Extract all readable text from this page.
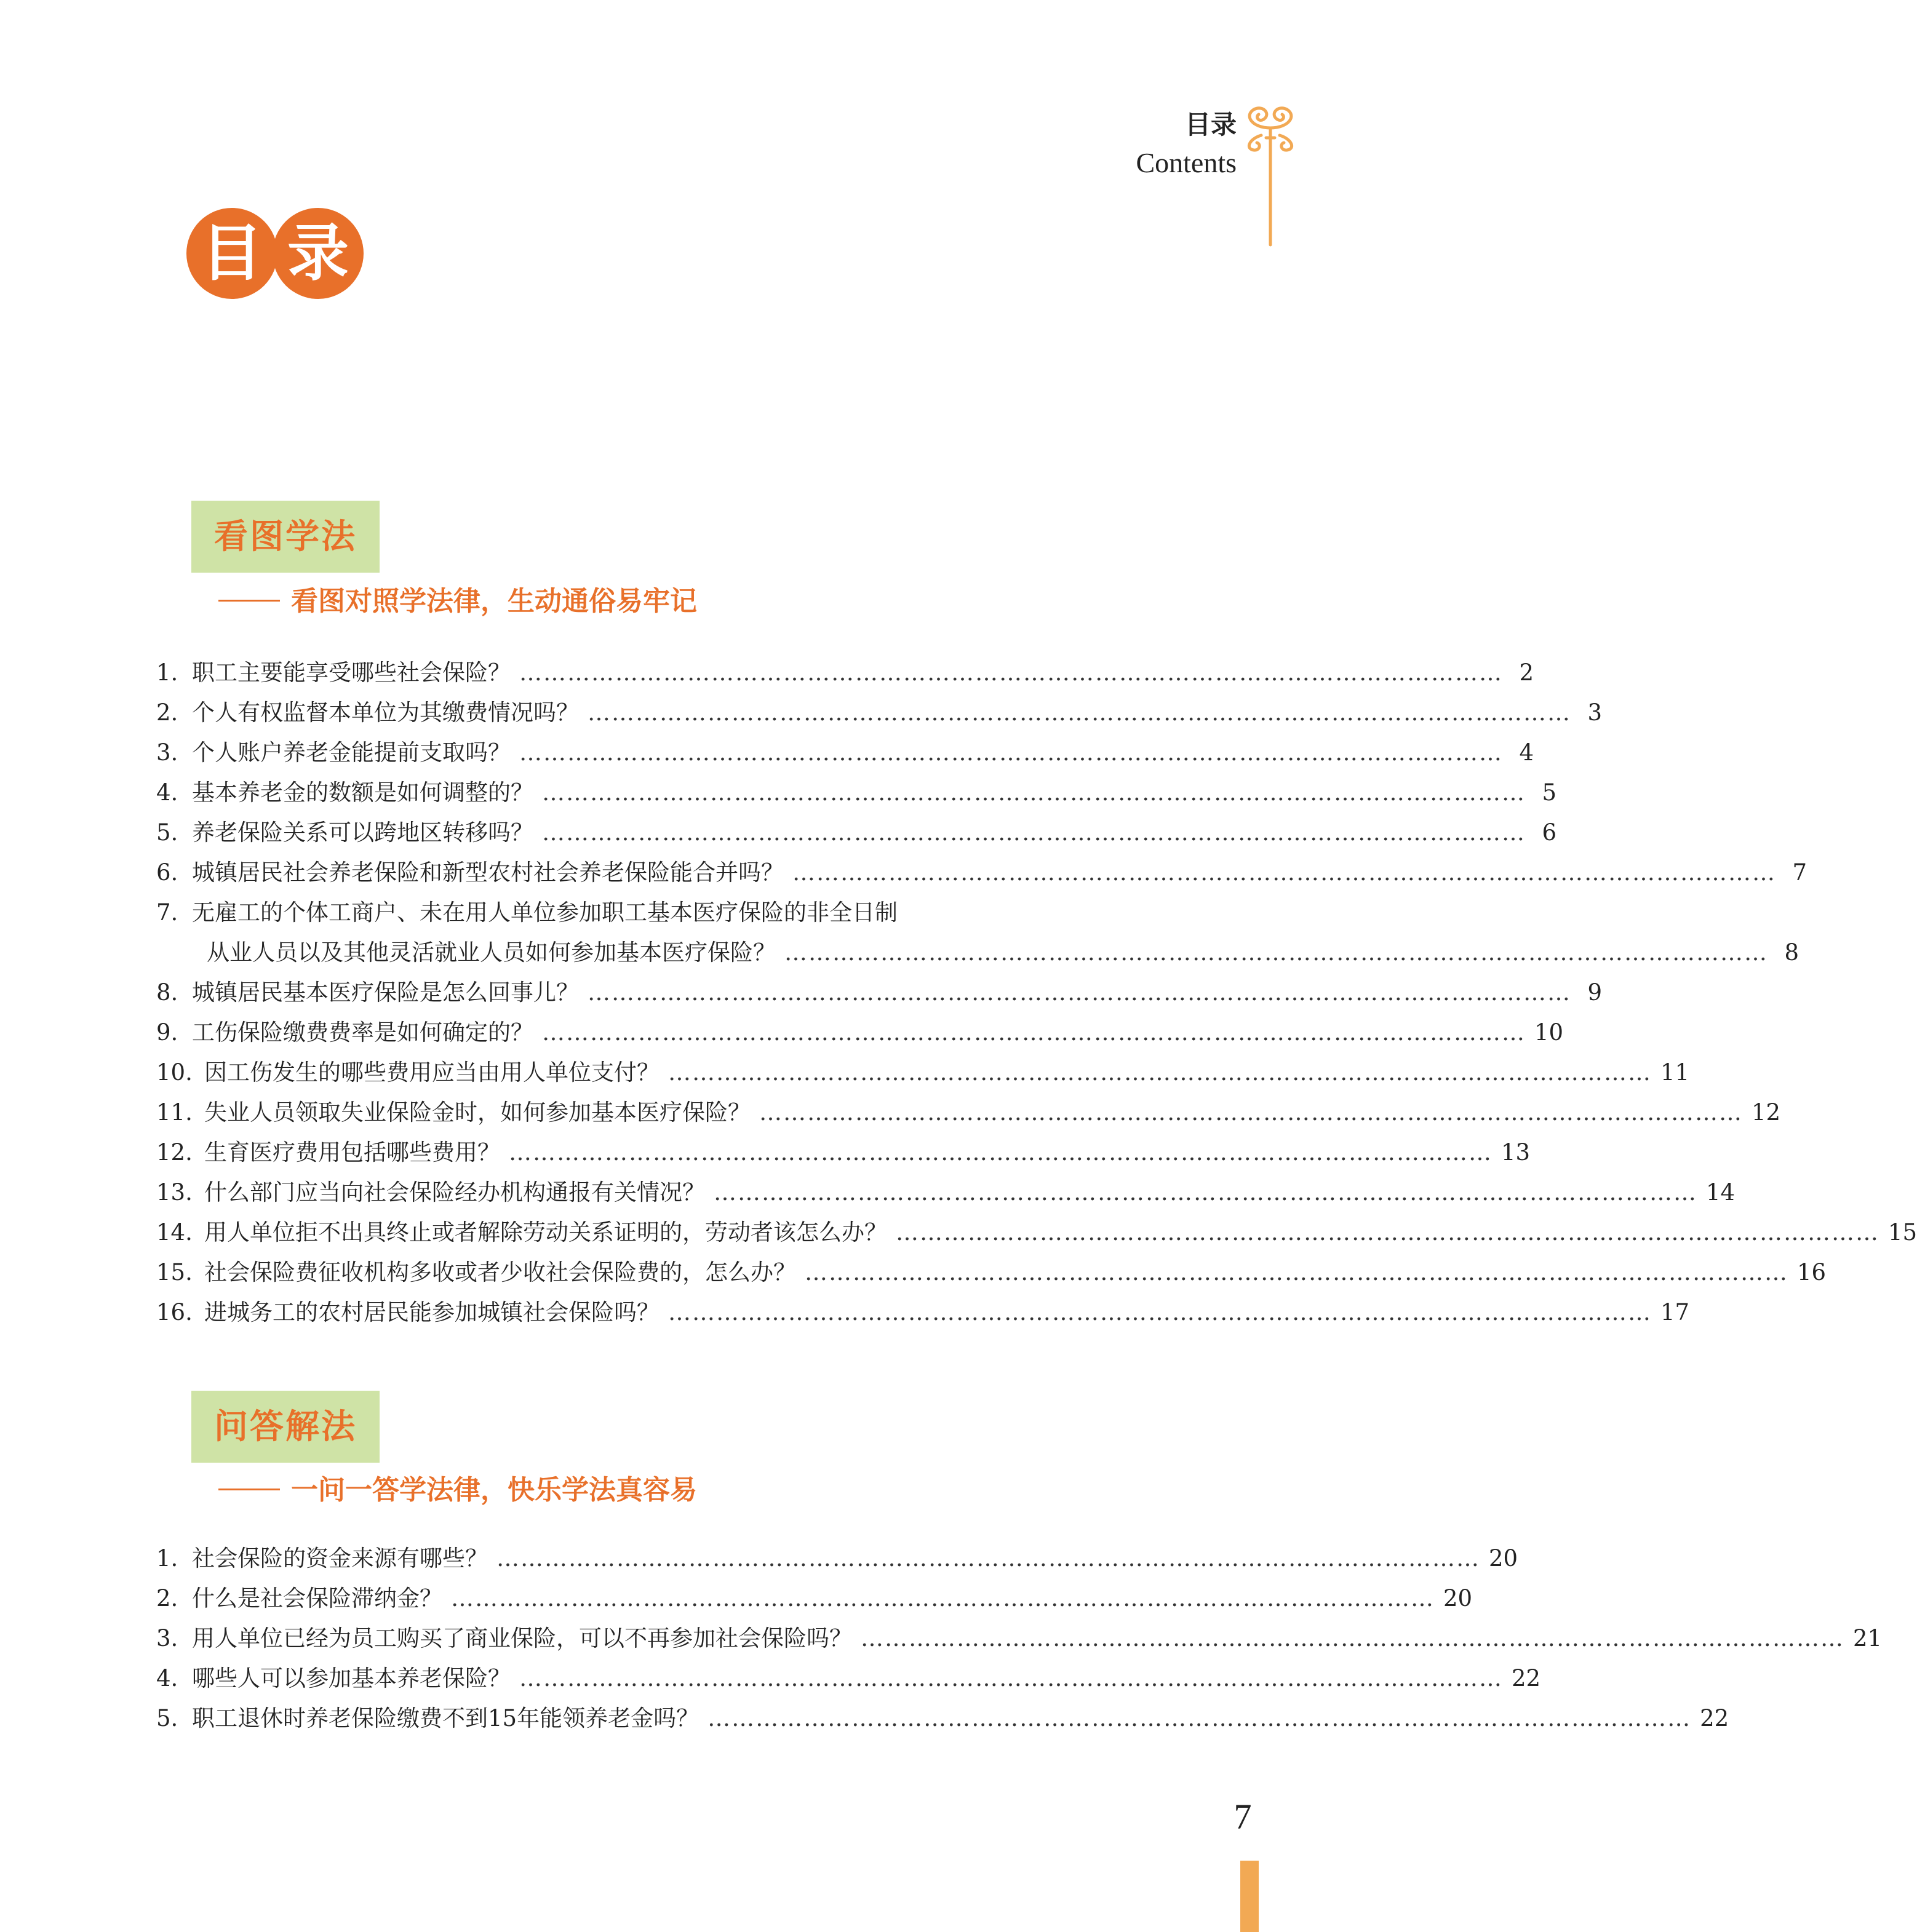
目录
Contents
目 录
看图学法
看图对照学法律，生动通俗易牢记
1. 职工主要能享受哪些社会保险？ …………………………………………………………………………………………………………… 2
2. 个人有权监督本单位为其缴费情况吗？ …………………………………………………………………………………………………………… 3
3. 个人账户养老金能提前支取吗？ …………………………………………………………………………………………………………… 4
4. 基本养老金的数额是如何调整的？ …………………………………………………………………………………………………………… 5
5. 养老保险关系可以跨地区转移吗？ …………………………………………………………………………………………………………… 6
6. 城镇居民社会养老保险和新型农村社会养老保险能合并吗？ …………………………………………………………………………………………………………… 7
7. 无雇工的个体工商户、未在用人单位参加职工基本医疗保险的非全日制
从业人员以及其他灵活就业人员如何参加基本医疗保险？ …………………………………………………………………………………………………………… 8
8. 城镇居民基本医疗保险是怎么回事儿？ …………………………………………………………………………………………………………… 9
9. 工伤保险缴费费率是如何确定的？ …………………………………………………………………………………………………………… 10
10. 因工伤发生的哪些费用应当由用人单位支付？ …………………………………………………………………………………………………………… 11
11. 失业人员领取失业保险金时，如何参加基本医疗保险？ …………………………………………………………………………………………………………… 12
12. 生育医疗费用包括哪些费用？ …………………………………………………………………………………………………………… 13
13. 什么部门应当向社会保险经办机构通报有关情况？ …………………………………………………………………………………………………………… 14
14. 用人单位拒不出具终止或者解除劳动关系证明的，劳动者该怎么办？ …………………………………………………………………………………………………………… 15
15. 社会保险费征收机构多收或者少收社会保险费的，怎么办？ …………………………………………………………………………………………………………… 16
16. 进城务工的农村居民能参加城镇社会保险吗？ …………………………………………………………………………………………………………… 17
问答解法
一问一答学法律，快乐学法真容易
1. 社会保险的资金来源有哪些？ …………………………………………………………………………………………………………… 20
2. 什么是社会保险滞纳金？ …………………………………………………………………………………………………………… 20
3. 用人单位已经为员工购买了商业保险，可以不再参加社会保险吗？ …………………………………………………………………………………………………………… 21
4. 哪些人可以参加基本养老保险？ …………………………………………………………………………………………………………… 22
5. 职工退休时养老保险缴费不到15年能领养老金吗？ …………………………………………………………………………………………………………… 22
7
